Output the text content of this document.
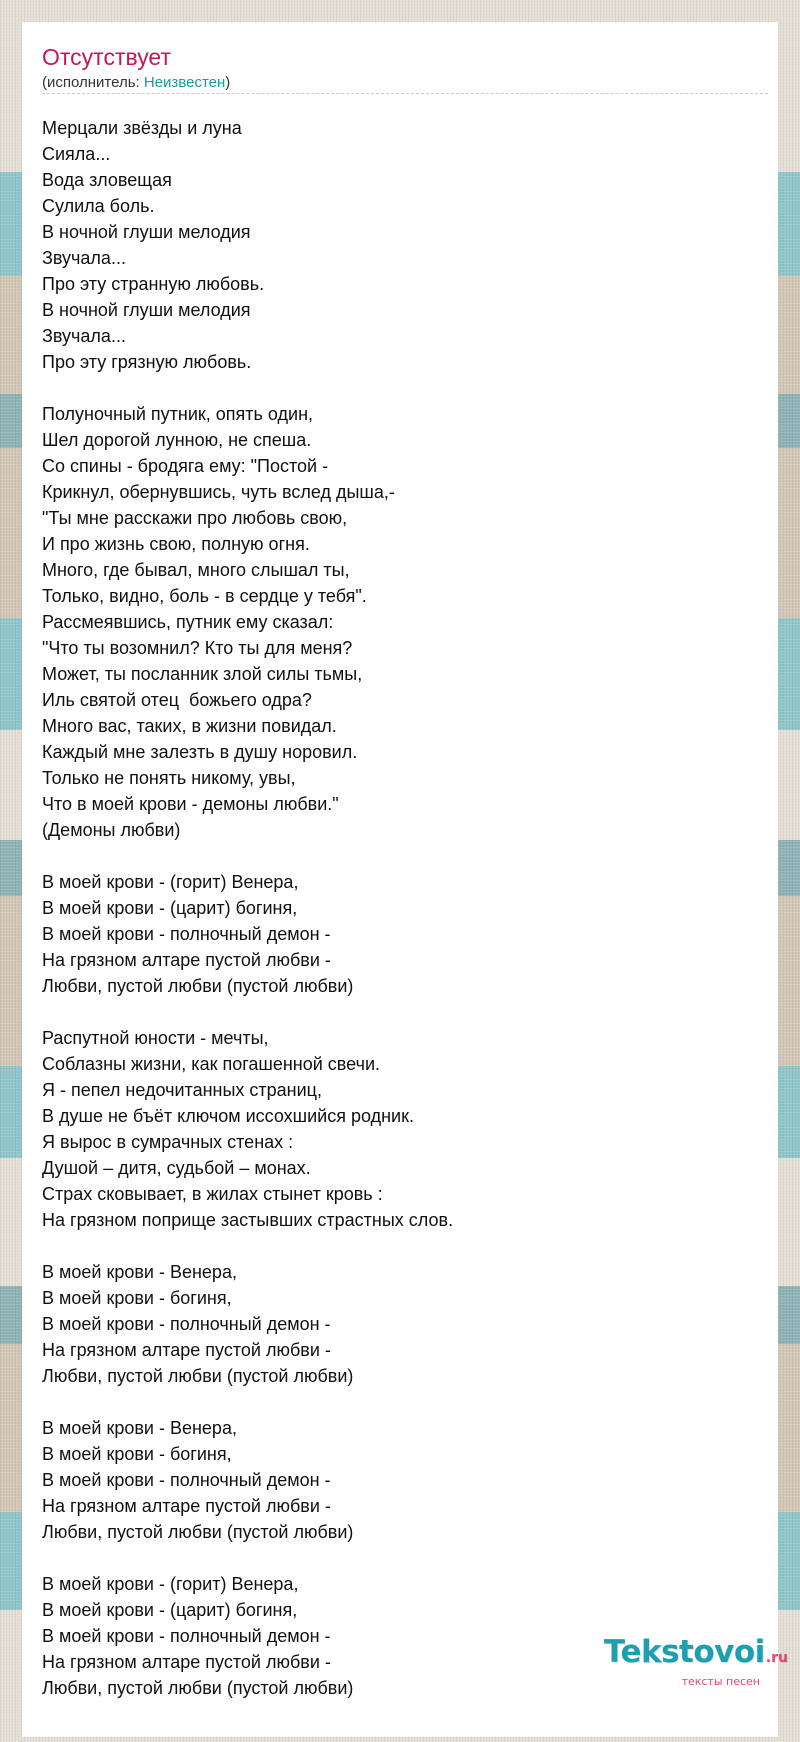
Отсутствует
(исполнитель: Неизвестен)
Мерцали звёзды и луна
Сияла...
Вода зловещая
Сулила боль.
В ночной глуши мелодия
Звучала...
Про эту странную любовь.
В ночной глуши мелодия
Звучала...
Про эту грязную любовь.
Полуночный путник, опять один,
Шел дорогой лунною, не спеша.
Со спины - бродяга ему: "Постой -
Крикнул, обернувшись, чуть вслед дыша,-
"Ты мне расскажи про любовь свою,
И про жизнь свою, полную огня.
Много, где бывал, много слышал ты,
Только, видно, боль - в сердце у тебя".
Рассмеявшись, путник ему сказал:
"Что ты возомнил? Кто ты для меня?
Может, ты посланник злой силы тьмы,
Иль святой отец  божьего одра?
Много вас, таких, в жизни повидал.
Каждый мне залезть в душу норовил.
Только не понять никому, увы,
Что в моей крови - демоны любви."
(Демоны любви)
В моей крови - (горит) Венера,
В моей крови - (царит) богиня,
В моей крови - полночный демон -
На грязном алтаре пустой любви -
Любви, пустой любви (пустой любви)
Распутной юности - мечты,
Соблазны жизни, как погашенной свечи.
Я - пепел недочитанных страниц,
В душе не бъёт ключом иссохшийся родник.
Я вырос в сумрачных стенах :
Душой – дитя, судьбой – монах.
Страх сковывает, в жилах стынет кровь :
На грязном поприще застывших страстных слов.
В моей крови - Венера,
В моей крови - богиня,
В моей крови - полночный демон -
На грязном алтаре пустой любви -
Любви, пустой любви (пустой любви)
В моей крови - Венера,
В моей крови - богиня,
В моей крови - полночный демон -
На грязном алтаре пустой любви -
Любви, пустой любви (пустой любви)
В моей крови - (горит) Венера,
В моей крови - (царит) богиня,
В моей крови - полночный демон -
На грязном алтаре пустой любви -
Любви, пустой любви (пустой любви)
Tekstovoi.ru
тексты песен
